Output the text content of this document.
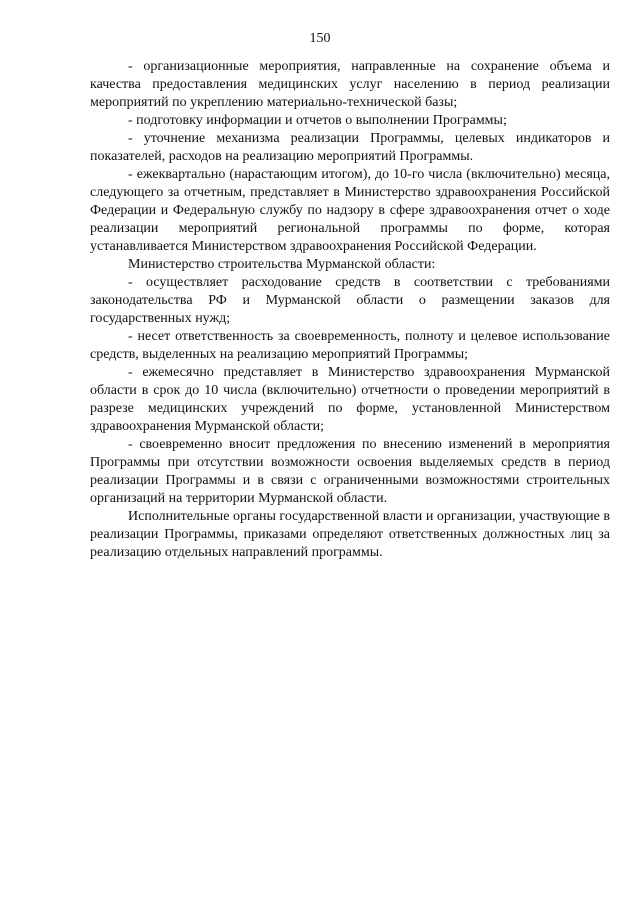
150

- организационные мероприятия, направленные на сохранение объема и качества предоставления медицинских услуг населению в период реализации мероприятий по укреплению материально-технической базы;

- подготовку информации и отчетов о выполнении Программы;

- уточнение механизма реализации Программы, целевых индикаторов и показателей, расходов на реализацию мероприятий Программы.

- ежеквартально (нарастающим итогом), до 10-го числа (включительно) месяца, следующего за отчетным, представляет в Министерство здравоохранения Российской Федерации и Федеральную службу по надзору в сфере здравоохранения отчет о ходе реализации мероприятий региональной программы по форме, которая устанавливается Министерством здравоохранения Российской Федерации.

Министерство строительства Мурманской области:

- осуществляет расходование средств в соответствии с требованиями законодательства РФ и Мурманской области о размещении заказов для государственных нужд;

- несет ответственность за своевременность, полноту и целевое использование средств, выделенных на реализацию мероприятий Программы;

- ежемесячно представляет в Министерство здравоохранения Мурманской области в срок до 10 числа (включительно) отчетности о проведении мероприятий в разрезе медицинских учреждений по форме, установленной Министерством здравоохранения Мурманской области;

- своевременно вносит предложения по внесению изменений в мероприятия Программы при отсутствии возможности освоения выделяемых средств в период реализации Программы и в связи с ограниченными возможностями строительных организаций на территории Мурманской области.

Исполнительные органы государственной власти и организации, участвующие в реализации Программы, приказами определяют ответственных должностных лиц за реализацию отдельных направлений программы.
